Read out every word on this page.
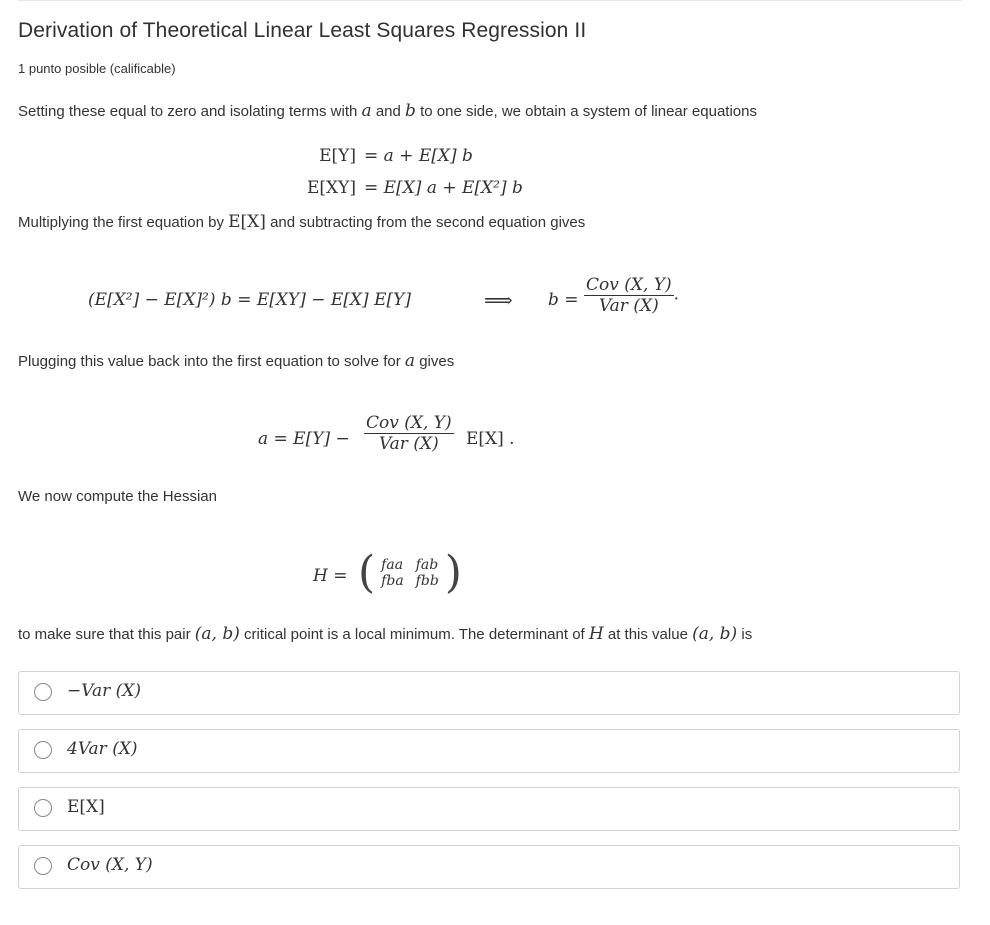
Derivation of Theoretical Linear Least Squares Regression II
1 punto posible (calificable)
Setting these equal to zero and isolating terms with a and b to one side, we obtain a system of linear equations
E[Y] = a + E[X] b
E[XY] = E[X] a + E[X²] b
Multiplying the first equation by E[X] and subtracting from the second equation gives
(E[X²] − E[X]²) b = E[XY] − E[X] E[Y]	⟹ $b = \frac{\text{Cov (X, Y)}}{\text{Var (X)}}$ .
Plugging this value back into the first equation to solve for a gives
$a = E[Y] - \frac{\text{Cov (X, Y)}}{\text{Var (X)}} E[X]$ .
We now compute the Hessian
H = ( faa	fab
fba	fbb )
to make sure that this pair (a, b) critical point is a local minimum. The determinant of H at this value (a, b) is
−Var (X)
4Var (X)
E[X]
Cov (X, Y)
